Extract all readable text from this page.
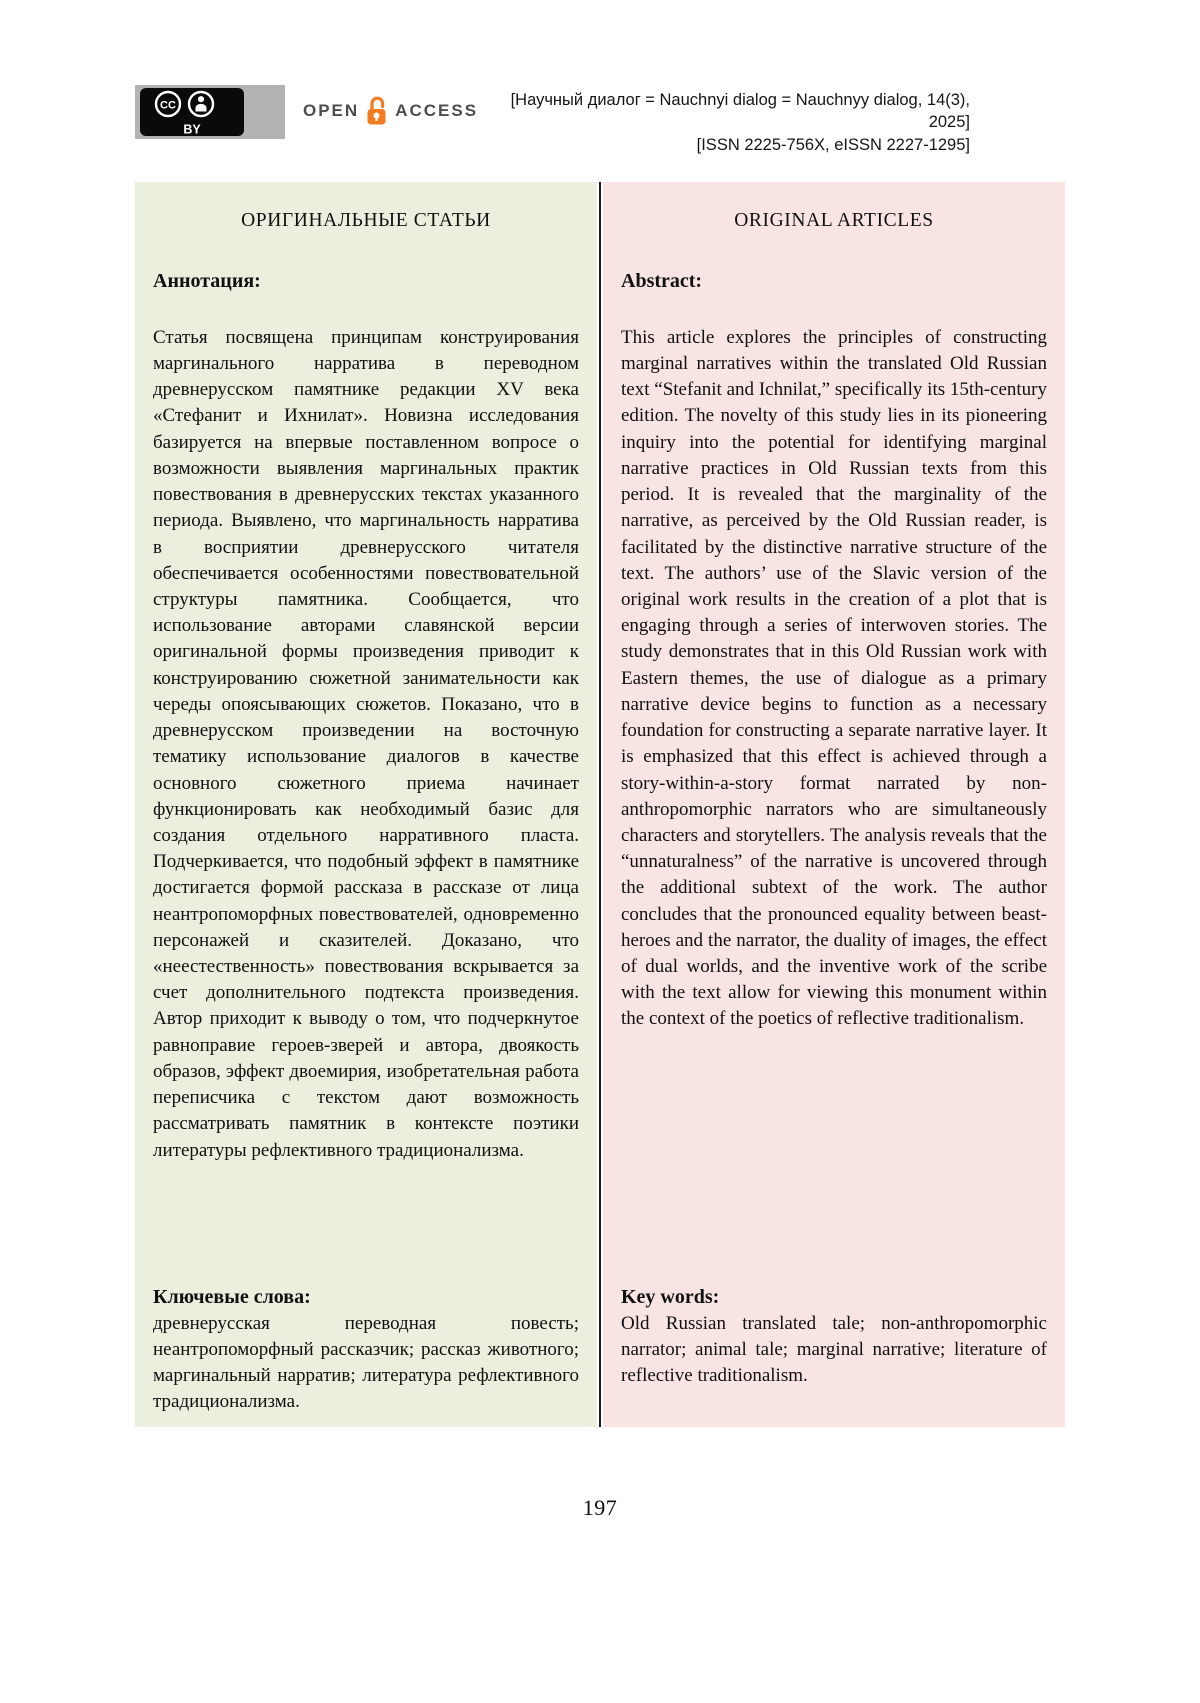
CC
BY
OPEN ACCESS
[Научный диалог = Nauchnyi dialog = Nauchnyy dialog, 14(3), 2025]
[ISSN 2225-756X, eISSN 2227-1295]
ОРИГИНАЛЬНЫЕ СТАТЬИ

Аннотация:

Статья посвящена принципам конструирования маргинального нарратива в переводном древнерусском памятнике редакции XV века «Стефанит и Ихнилат». Новизна исследования базируется на впервые поставленном вопросе о возможности выявления маргинальных практик повествования в древнерусских текстах указанного периода. Выявлено, что маргинальность нарратива в восприятии древнерусского читателя обеспечивается особенностями повествовательной структуры памятника. Сообщается, что использование авторами славянской версии оригинальной формы произведения приводит к конструированию сюжетной занимательности как череды опоясывающих сюжетов. Показано, что в древнерусском произведении на восточную тематику использование диалогов в качестве основного сюжетного приема начинает функционировать как необходимый базис для создания отдельного нарративного пласта. Подчеркивается, что подобный эффект в памятнике достигается формой рассказа в рассказе от лица неантропоморфных повествователей, одновременно персонажей и сказителей. Доказано, что «неестественность» повествования вскрывается за счет дополнительного подтекста произведения. Автор приходит к выводу о том, что подчеркнутое равноправие героев-зверей и автора, двоякость образов, эффект двоемирия, изобретательная работа переписчика с текстом дают возможность рассматривать памятник в контексте поэтики литературы рефлективного традиционализма.

Ключевые слова:

древнерусская переводная повесть; неантропоморфный рассказчик; рассказ животного; маргинальный нарратив; литература рефлективного традиционализма.

ORIGINAL ARTICLES

Abstract:

This article explores the principles of constructing marginal narratives within the translated Old Russian text “Stefanit and Ichnilat,” specifically its 15th-century edition. The novelty of this study lies in its pioneering inquiry into the potential for identifying marginal narrative practices in Old Russian texts from this period. It is revealed that the marginality of the narrative, as perceived by the Old Russian reader, is facilitated by the distinctive narrative structure of the text. The authors’ use of the Slavic version of the original work results in the creation of a plot that is engaging through a series of interwoven stories. The study demonstrates that in this Old Russian work with Eastern themes, the use of dialogue as a primary narrative device begins to function as a necessary foundation for constructing a separate narrative layer. It is emphasized that this effect is achieved through a story-within-a-story format narrated by non-anthropomorphic narrators who are simultaneously characters and storytellers. The analysis reveals that the “unnaturalness” of the narrative is uncovered through the additional subtext of the work. The author concludes that the pronounced equality between beast-heroes and the narrator, the duality of images, the effect of dual worlds, and the inventive work of the scribe with the text allow for viewing this monument within the context of the poetics of reflective traditionalism.

Key words:

Old Russian translated tale; non-anthropomorphic narrator; animal tale; marginal narrative; literature of reflective traditionalism.

197
